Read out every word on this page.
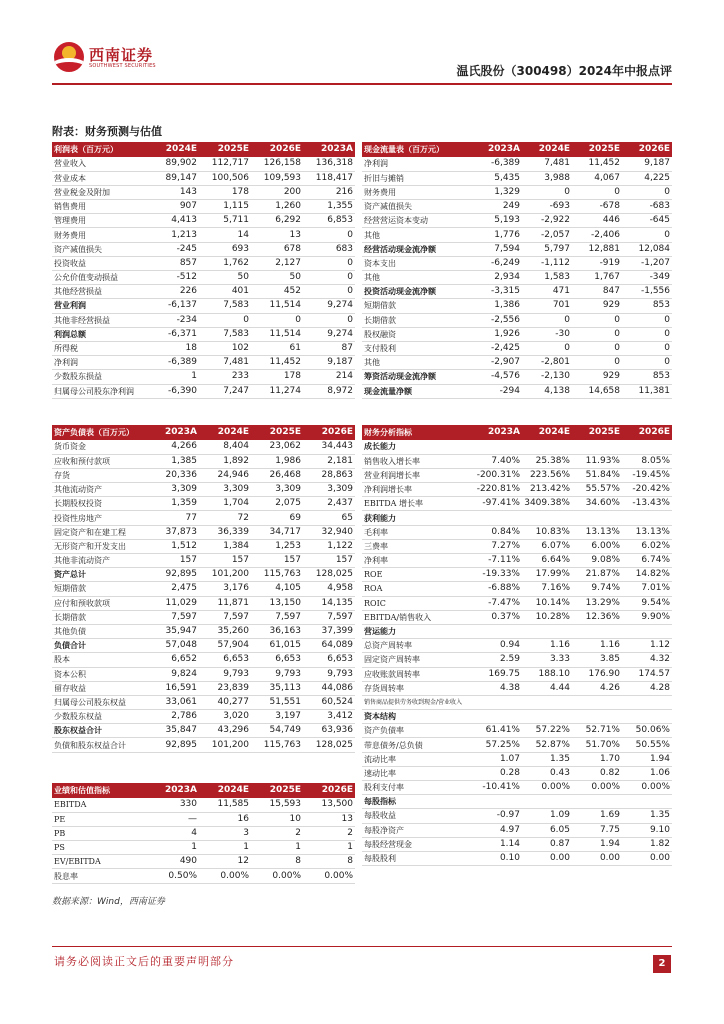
西南证券
SOUTHWEST SECURITIES	温氏股份（300498）2024年中报点评
附表：财务预测与估值
利润表（百万元）	2024E	2025E	2026E	2023A
营业收入	89,902	112,717	126,158	136,318
营业成本	89,147	100,506	109,593	118,417
营业税金及附加	143	178	200	216
销售费用	907	1,115	1,260	1,355
管理费用	4,413	5,711	6,292	6,853
财务费用	1,213	14	13	0
资产减值损失	-245	693	678	683
投资收益	857	1,762	2,127	0
公允价值变动损益	-512	50	50	0
其他经营损益	226	401	452	0
营业利润	-6,137	7,583	11,514	9,274
其他非经营损益	-234	0	0	0
利润总额	-6,371	7,583	11,514	9,274
所得税	18	102	61	87
净利润	-6,389	7,481	11,452	9,187
少数股东损益	1	233	178	214
归属母公司股东净利润	-6,390	7,247	11,274	8,972
现金流量表（百万元）	2023A	2024E	2025E	2026E
净利润	-6,389	7,481	11,452	9,187
折旧与摊销	5,435	3,988	4,067	4,225
财务费用	1,329	0	0	0
资产减值损失	249	-693	-678	-683
经营营运资本变动	5,193	-2,922	446	-645
其他	1,776	-2,057	-2,406	0
经营活动现金流净额	7,594	5,797	12,881	12,084
资本支出	-6,249	-1,112	-919	-1,207
其他	2,934	1,583	1,767	-349
投资活动现金流净额	-3,315	471	847	-1,556
短期借款	1,386	701	929	853
长期借款	-2,556	0	0	0
股权融资	1,926	-30	0	0
支付股利	-2,425	0	0	0
其他	-2,907	-2,801	0	0
筹资活动现金流净额	-4,576	-2,130	929	853
现金流量净额	-294	4,138	14,658	11,381
资产负债表（百万元）	2023A	2024E	2025E	2026E
货币资金	4,266	8,404	23,062	34,443
应收和预付款项	1,385	1,892	1,986	2,181
存货	20,336	24,946	26,468	28,863
其他流动资产	3,309	3,309	3,309	3,309
长期股权投资	1,359	1,704	2,075	2,437
投资性房地产	77	72	69	65
固定资产和在建工程	37,873	36,339	34,717	32,940
无形资产和开发支出	1,512	1,384	1,253	1,122
其他非流动资产	157	157	157	157
资产总计	92,895	101,200	115,763	128,025
短期借款	2,475	3,176	4,105	4,958
应付和预收款项	11,029	11,871	13,150	14,135
长期借款	7,597	7,597	7,597	7,597
其他负债	35,947	35,260	36,163	37,399
负债合计	57,048	57,904	61,015	64,089
股本	6,652	6,653	6,653	6,653
资本公积	9,824	9,793	9,793	9,793
留存收益	16,591	23,839	35,113	44,086
归属母公司股东权益	33,061	40,277	51,551	60,524
少数股东权益	2,786	3,020	3,197	3,412
股东权益合计	35,847	43,296	54,749	63,936
负债和股东权益合计	92,895	101,200	115,763	128,025
财务分析指标	2023A	2024E	2025E	2026E
成长能力				
销售收入增长率	7.40%	25.38%	11.93%	8.05%
营业利润增长率	-200.31%	223.56%	51.84%	-19.45%
净利润增长率	-220.81%	213.42%	55.57%	-20.42%
EBITDA 增长率	-97.41%	3409.38%	34.60%	-13.43%
获利能力				
毛利率	0.84%	10.83%	13.13%	13.13%
三费率	7.27%	6.07%	6.00%	6.02%
净利率	-7.11%	6.64%	9.08%	6.74%
ROE	-19.33%	17.99%	21.87%	14.82%
ROA	-6.88%	7.16%	9.74%	7.01%
ROIC	-7.47%	10.14%	13.29%	9.54%
EBITDA/销售收入	0.37%	10.28%	12.36%	9.90%
营运能力				
总资产周转率	0.94	1.16	1.16	1.12
固定资产周转率	2.59	3.33	3.85	4.32
应收账款周转率	169.75	188.10	176.90	174.57
存货周转率	4.38	4.44	4.26	4.28
销售商品提供劳务收到现金/营业收入				
资本结构				
资产负债率	61.41%	57.22%	52.71%	50.06%
带息债务/总负债	57.25%	52.87%	51.70%	50.55%
流动比率	1.07	1.35	1.70	1.94
速动比率	0.28	0.43	0.82	1.06
股利支付率	-10.41%	0.00%	0.00%	0.00%
每股指标				
每股收益	-0.97	1.09	1.69	1.35
每股净资产	4.97	6.05	7.75	9.10
每股经营现金	1.14	0.87	1.94	1.82
每股股利	0.10	0.00	0.00	0.00
业绩和估值指标	2023A	2024E	2025E	2026E
EBITDA	330	11,585	15,593	13,500
PE	—	16	10	13
PB	4	3	2	2
PS	1	1	1	1
EV/EBITDA	490	12	8	8
股息率	0.50%	0.00%	0.00%	0.00%
数据来源：Wind，西南证券
请务必阅读正文后的重要声明部分	2
